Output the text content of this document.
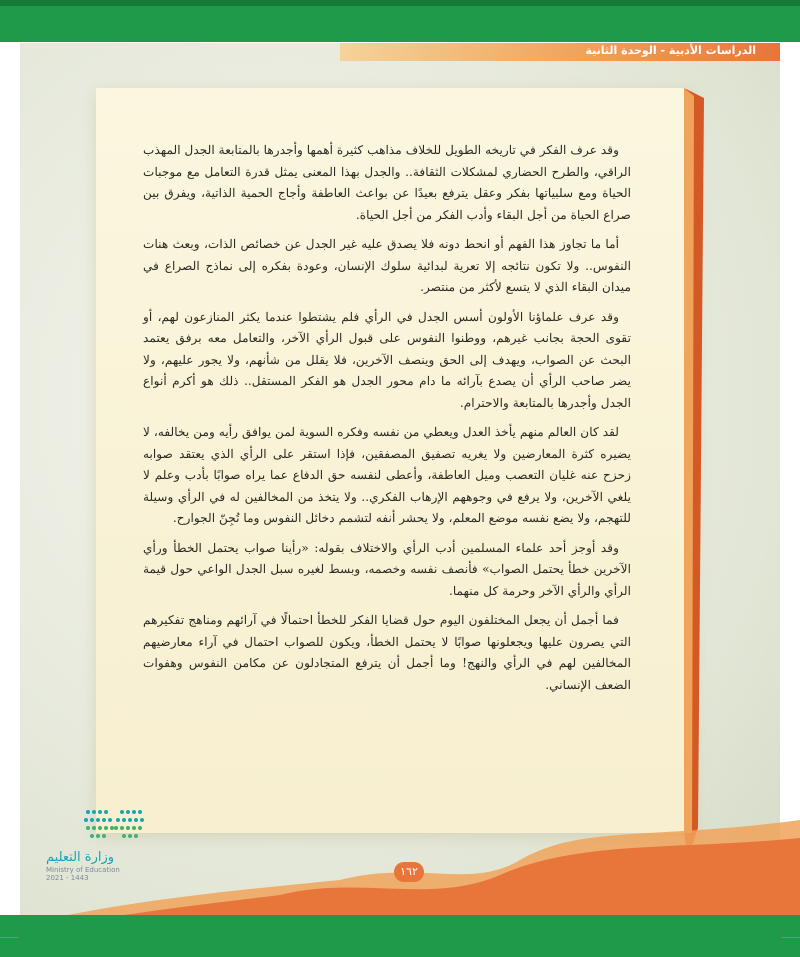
الدراسات الأدبية - الوحدة الثانية

وقد عرف الفكر في تاريخه الطويل للخلاف مذاهب كثيرة أهمها وأجدرها بالمتابعة الجدل المهذب الراقي، والطرح الحضاري لمشكلات الثقافة.. والجدل بهذا المعنى يمثل قدرة التعامل مع موجبات الحياة ومع سلبياتها بفكر وعقل يترفع بعيدًا عن بواعث العاطفة وأجاج الحمية الذاتية، ويفرق بين صراع الحياة من أجل البقاء وأدب الفكر من أجل الحياة.

أما ما تجاوز هذا الفهم أو انحط دونه فلا يصدق عليه غير الجدل عن خصائص الذات، وبعث هنات النفوس.. ولا تكون نتائجه إلا تعرية لبدائية سلوك الإنسان، وعودة بفكره إلى نماذج الصراع في ميدان البقاء الذي لا يتسع لأكثر من منتصر.

وقد عرف علماؤنا الأولون أسس الجدل في الرأي فلم يشتطوا عندما يكثر المنازعون لهم، أو تقوى الحجة بجانب غيرهم، ووطنوا النفوس على قبول الرأي الآخر، والتعامل معه برفق يعتمد البحث عن الصواب، ويهدف إلى الحق وينصف الآخرين، فلا يقلل من شأنهم، ولا يجور عليهم، ولا يضر صاحب الرأي أن يصدع بآرائه ما دام محور الجدل هو الفكر المستقل.. ذلك هو أكرم أنواع الجدل وأجدرها بالمتابعة والاحترام.

لقد كان العالم منهم يأخذ العدل ويعطي من نفسه وفكره السوية لمن يوافق رأيه ومن يخالفه، لا يضيره كثرة المعارضين ولا يغريه تصفيق المصفقين، فإذا استقر على الرأي الذي يعتقد صوابه زحزح عنه غليان التعصب وميل العاطفة، وأعطى لنفسه حق الدفاع عما يراه صوابًا بأدب وعلم لا يلغي الآخرين، ولا يرفع في وجوههم الإرهاب الفكري.. ولا يتخذ من المخالفين له في الرأي وسيلة للتهجم، ولا يضع نفسه موضع المعلم، ولا يحشر أنفه لتشمم دخائل النفوس وما تُجِنّ الجوارح.

وقد أوجز أحد علماء المسلمين أدب الرأي والاختلاف بقوله: «رأينا صواب يحتمل الخطأ ورأي الآخرين خطأ يحتمل الصواب» فأنصف نفسه وخصمه، وبسط لغيره سبل الجدل الواعي حول قيمة الرأي والرأي الآخر وحرمة كل منهما.

فما أجمل أن يجعل المختلفون اليوم حول قضايا الفكر للخطأ احتمالًا في آرائهم ومناهج تفكيرهم التي يصرون عليها ويجعلونها صوابًا لا يحتمل الخطأ، ويكون للصواب احتمال في آراء معارضيهم المخالفين لهم في الرأي والنهج! وما أجمل أن يترفع المتجادلون عن مكامن النفوس وهفوات الضعف الإنساني.

١٦٢
وزارة التعليم
Ministry of Education
2021 - 1443
